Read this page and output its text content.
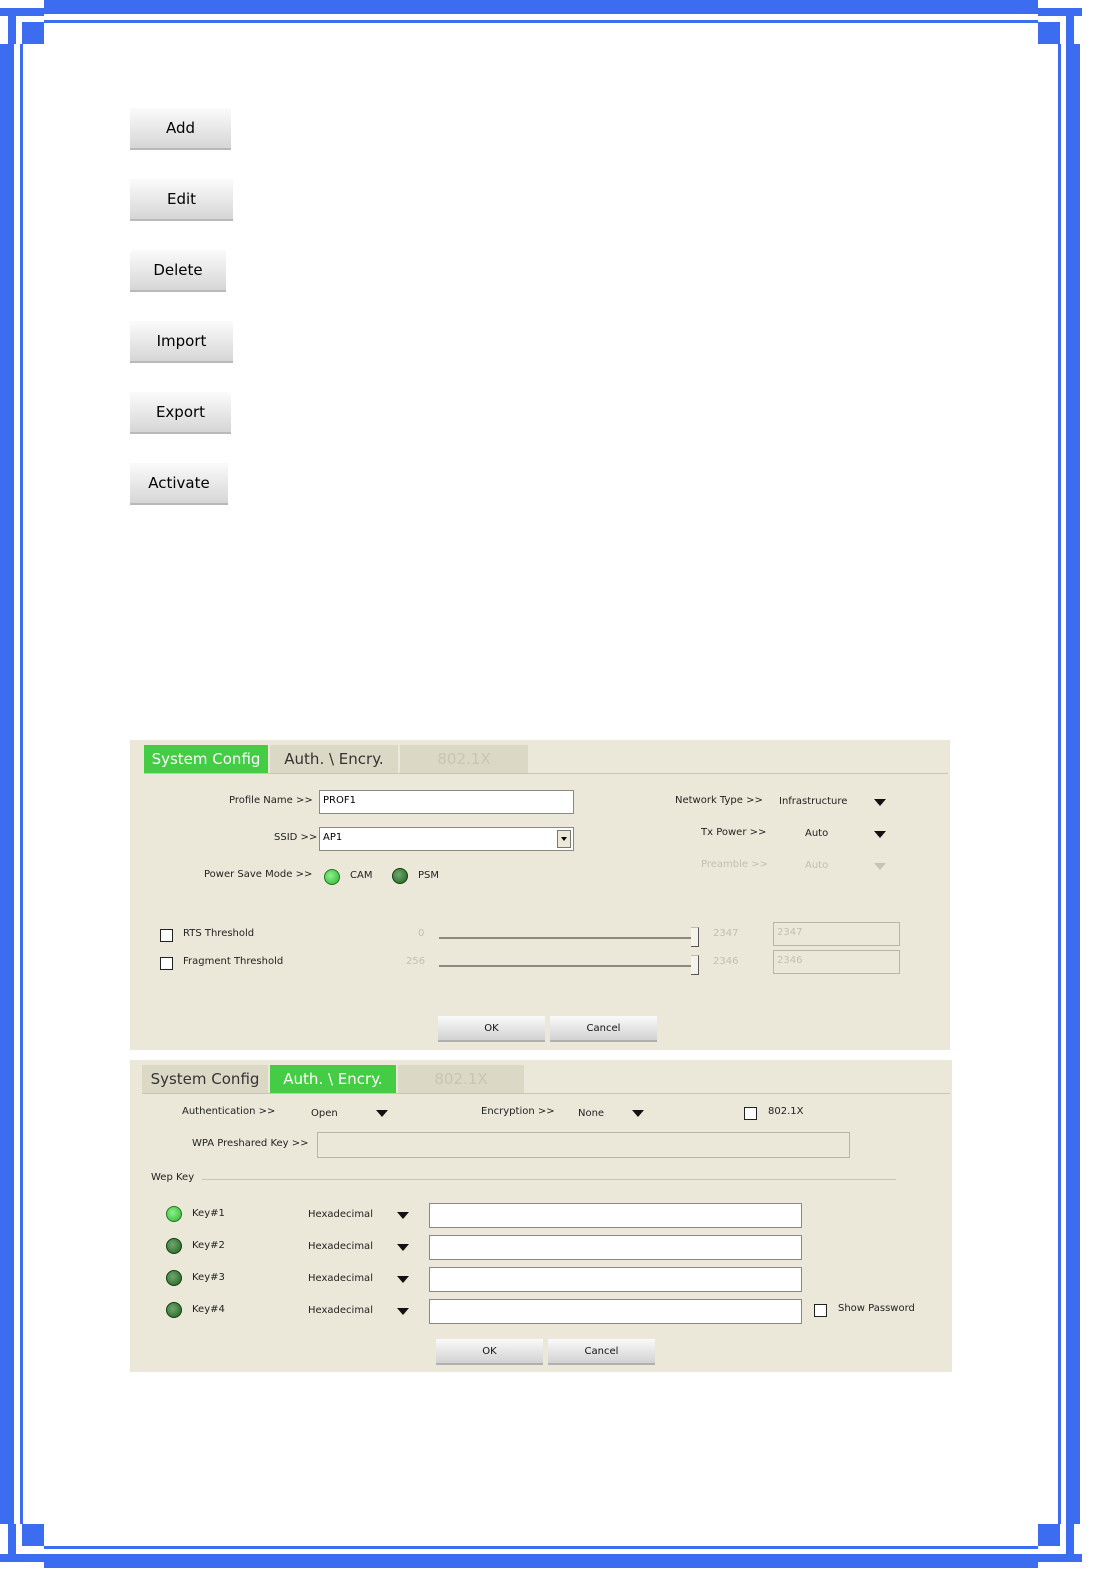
Add
Edit
Delete
Import
Export
Activate
System Config	Auth. \ Encry.	802.1X
Profile Name >>	PROF1
SSID >> AP1
Power Save Mode >>	CAM	PSM
Network Type >> Infrastructure
Tx Power >>	Auto
Preamble >>	Auto
RTS Threshold	0	2347	2347
Fragment Threshold	256	2346	2346
OK	Cancel
System Config	Auth. \ Encry.	802.1X
Authentication >>	Open	Encryption >> None	802.1X
WPA Preshared Key >>
Wep Key
Key#1	Hexadecimal
Key#2	Hexadecimal
Key#3	Hexadecimal
Key#4	Hexadecimal	Show Password
OK	Cancel
